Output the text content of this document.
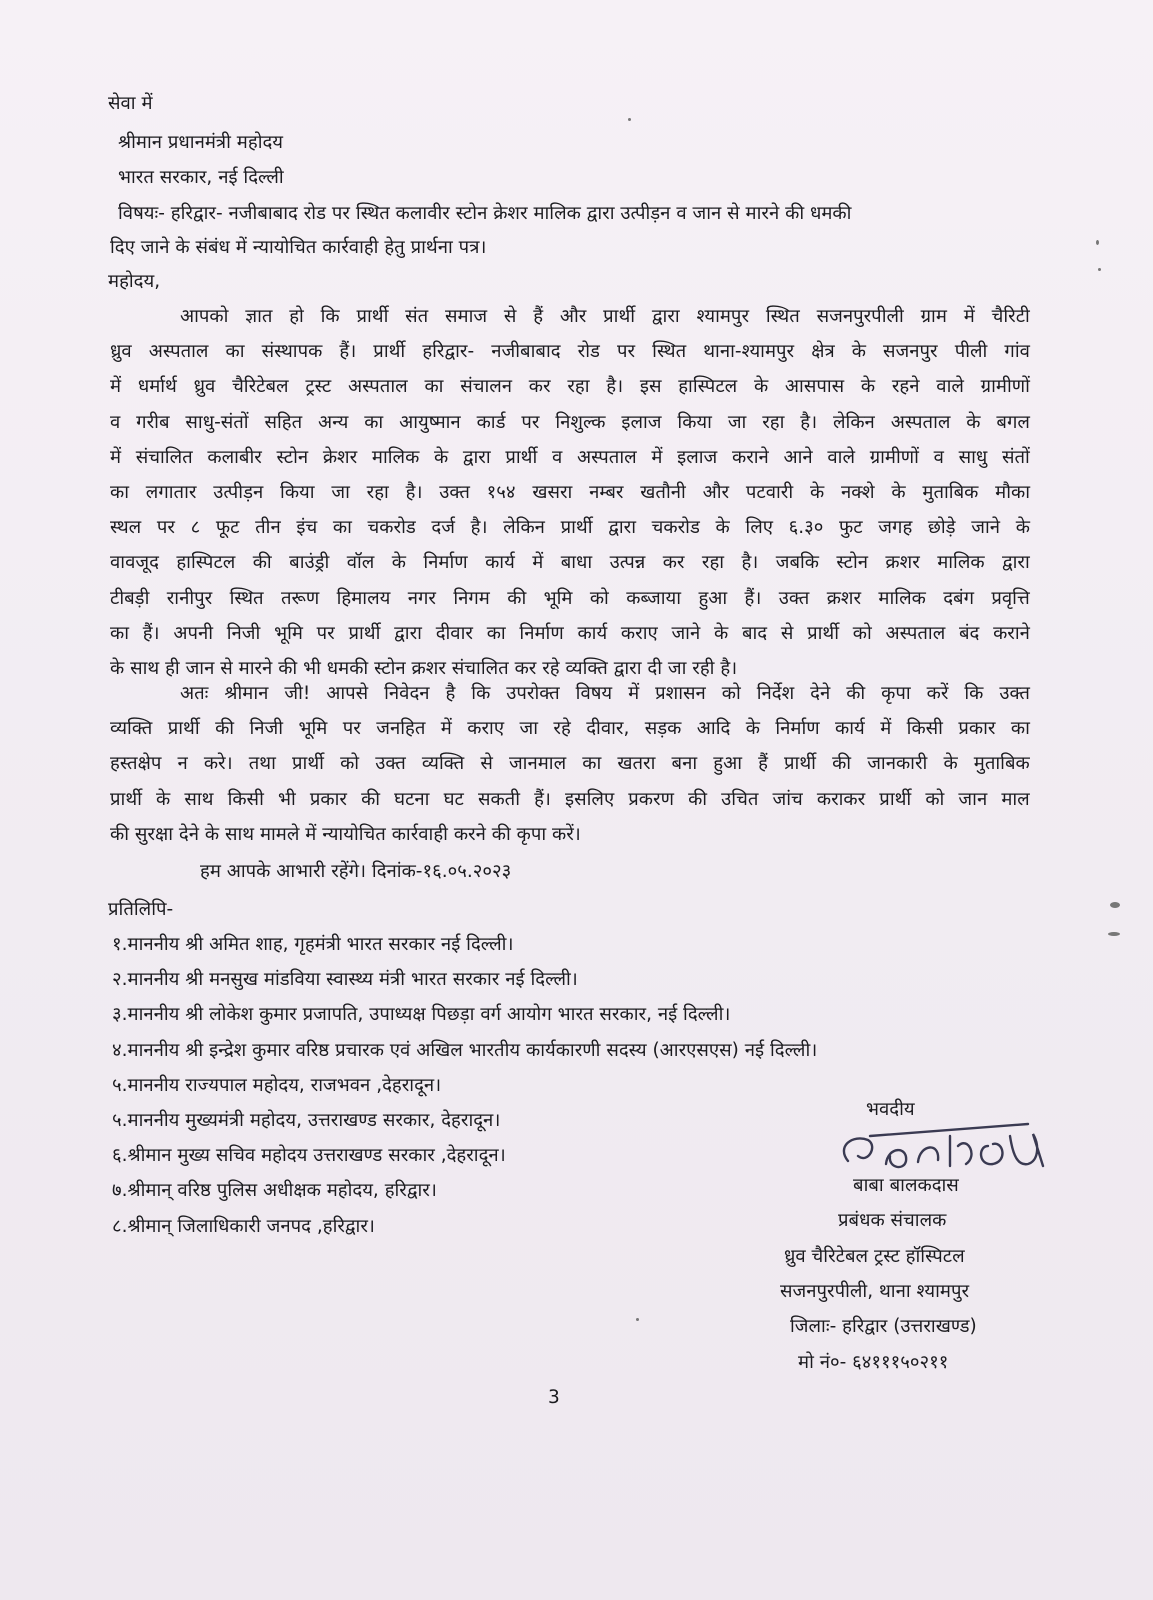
सेवा में
श्रीमान प्रधानमंत्री महोदय
भारत सरकार, नई दिल्ली
विषयः- हरिद्वार- नजीबाबाद रोड पर स्थित कलावीर स्टोन क्रेशर मालिक द्वारा उत्पीड़न व जान से मारने की धमकी
दिए जाने के संबंध में न्यायोचित कार्रवाही हेतु प्रार्थना पत्र।
महोदय,
आपको ज्ञात हो कि प्रार्थी संत समाज से हैं और प्रार्थी द्वारा श्यामपुर स्थित सजनपुरपीली ग्राम में चैरिटी
ध्रुव अस्पताल का संस्थापक हैं। प्रार्थी हरिद्वार- नजीबाबाद रोड पर स्थित थाना-श्यामपुर क्षेत्र के सजनपुर पीली गांव
में धर्मार्थ ध्रुव चैरिटेबल ट्रस्ट अस्पताल का संचालन कर रहा है। इस हास्पिटल के आसपास के रहने वाले ग्रामीणों
व गरीब साधु-संतों सहित अन्य का आयुष्मान कार्ड पर निशुल्क इलाज किया जा रहा है। लेकिन अस्पताल के बगल
में संचालित कलाबीर स्टोन क्रेशर मालिक के द्वारा प्रार्थी व अस्पताल में इलाज कराने आने वाले ग्रामीणों व साधु संतों
का लगातार उत्पीड़न किया जा रहा है। उक्त १५४ खसरा नम्बर खतौनी और पटवारी के नक्शे के मुताबिक मौका
स्थल पर ८ फूट तीन इंच का चकरोड दर्ज है। लेकिन प्रार्थी द्वारा चकरोड के लिए ६.३० फुट जगह छोड़े जाने के
वावजूद हास्पिटल की बाउंड्री वॉल के निर्माण कार्य में बाधा उत्पन्न कर रहा है। जबकि स्टोन क्रशर मालिक द्वारा
टीबड़ी रानीपुर स्थित तरूण हिमालय नगर निगम की भूमि को कब्जाया हुआ हैं। उक्त क्रशर मालिक दबंग प्रवृत्ति
का हैं। अपनी निजी भूमि पर प्रार्थी द्वारा दीवार का निर्माण कार्य कराए जाने के बाद से प्रार्थी को अस्पताल बंद कराने
के साथ ही जान से मारने की भी धमकी स्टोन क्रशर संचालित कर रहे व्यक्ति द्वारा दी जा रही है।
अतः श्रीमान जी! आपसे निवेदन है कि उपरोक्त विषय में प्रशासन को निर्देश देने की कृपा करें कि उक्त
व्यक्ति प्रार्थी की निजी भूमि पर जनहित में कराए जा रहे दीवार, सड़क आदि के निर्माण कार्य में किसी प्रकार का
हस्तक्षेप न करे। तथा प्रार्थी को उक्त व्यक्ति से जानमाल का खतरा बना हुआ हैं प्रार्थी की जानकारी के मुताबिक
प्रार्थी के साथ किसी भी प्रकार की घटना घट सकती हैं। इसलिए प्रकरण की उचित जांच कराकर प्रार्थी को जान माल
की सुरक्षा देने के साथ मामले में न्यायोचित कार्रवाही करने की कृपा करें।
हम आपके आभारी रहेंगे। दिनांक-१६.०५.२०२३
प्रतिलिपि-
१.माननीय श्री अमित शाह, गृहमंत्री भारत सरकार नई दिल्ली।
२.माननीय श्री मनसुख मांडविया स्वास्थ्य मंत्री भारत सरकार नई दिल्ली।
३.माननीय श्री लोकेश कुमार प्रजापति, उपाध्यक्ष पिछड़ा वर्ग आयोग भारत सरकार, नई दिल्ली।
४.माननीय श्री इन्द्रेश कुमार वरिष्ठ प्रचारक एवं अखिल भारतीय कार्यकारणी सदस्य (आरएसएस) नई दिल्ली।
५.माननीय राज्यपाल महोदय, राजभवन ,देहरादून।
५.माननीय मुख्यमंत्री महोदय, उत्तराखण्ड सरकार, देहरादून।
६.श्रीमान मुख्य सचिव महोदय उत्तराखण्ड सरकार ,देहरादून।
७.श्रीमान् वरिष्ठ पुलिस अधीक्षक महोदय, हरिद्वार।
८.श्रीमान् जिलाधिकारी जनपद ,हरिद्वार।
भवदीय
बाबा बालकदास
प्रबंधक संचालक
ध्रुव चैरिटेबल ट्रस्ट हॉस्पिटल
सजनपुरपीली, थाना श्यामपुर
जिलाः- हरिद्वार (उत्तराखण्ड)
मो नं०- ६४१११५०२११
3
